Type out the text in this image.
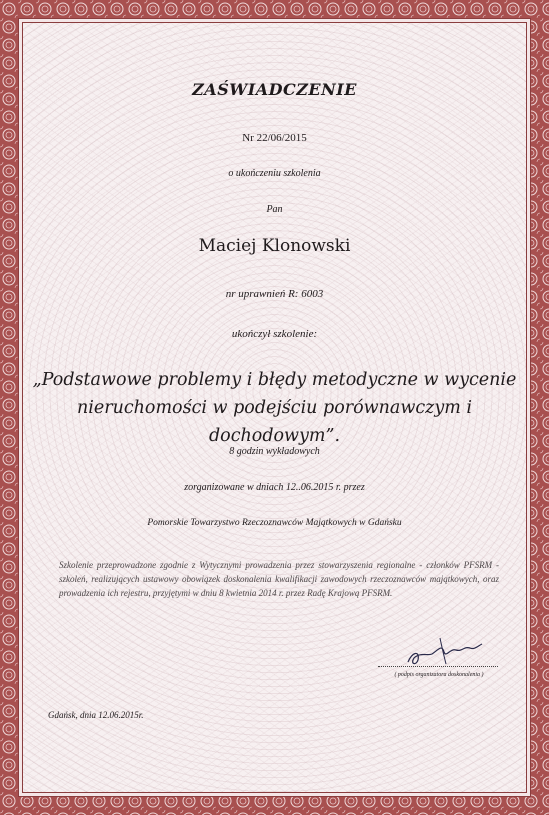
ZAŚWIADCZENIE
Nr 22/06/2015
o ukończeniu szkolenia
Pan
Maciej Klonowski
nr uprawnień R: 6003
ukończył szkolenie:
„Podstawowe problemy i błędy metodyczne w wycenie
nieruchomości w podejściu porównawczym i dochodowym”.
8 godzin wykładowych
zorganizowane w dniach 12..06.2015 r. przez
Pomorskie Towarzystwo Rzeczoznawców Majątkowych w Gdańsku
Szkolenie przeprowadzone zgodnie z Wytycznymi prowadzenia przez stowarzyszenia regionalne - członków PFSRM - szkoleń, realizujących ustawowy obowiązek doskonalenia kwalifikacji zawodowych rzeczoznawców majątkowych, oraz prowadzenia ich rejestru, przyjętymi w dniu 8 kwietnia 2014 r. przez Radę Krajową PFSRM.
( podpis organizatora doskonalenia )
Gdańsk, dnia 12.06.2015r.
